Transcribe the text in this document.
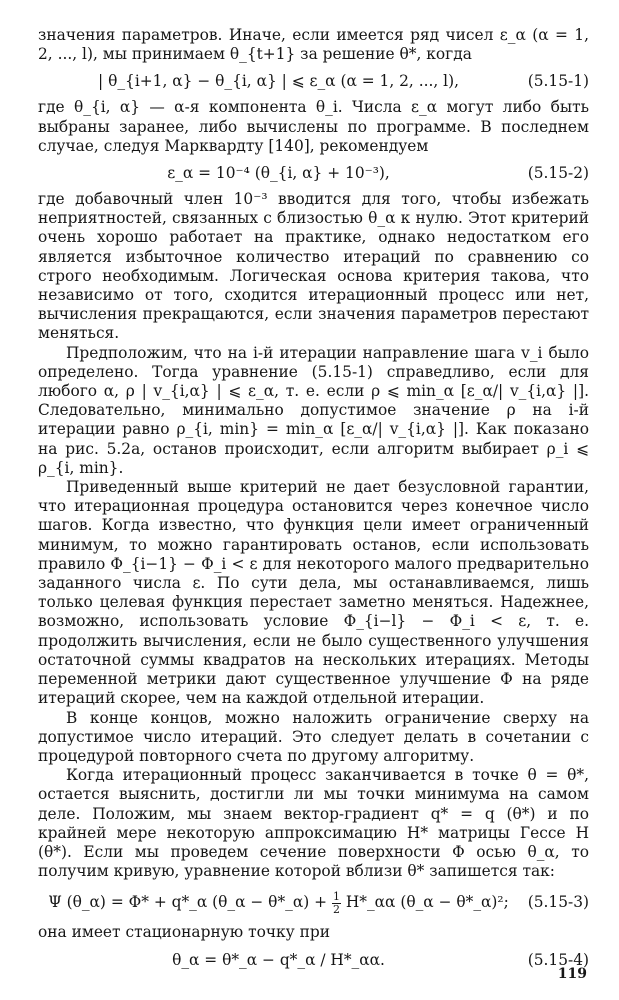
значения параметров. Иначе, если имеется ряд чисел ε_α (α = 1, 2, ..., l), мы принимаем θ_{t+1} за решение θ*, когда

| θ_{i+1, α} − θ_{i, α} | ⩽ ε_α (α = 1, 2, ..., l),	(5.15-1)

где θ_{i, α} — α-я компонента θ_i. Числа ε_α могут либо быть выбраны заранее, либо вычислены по программе. В последнем случае, следуя Марквардту [140], рекомендуем

ε_α = 10⁻⁴ (θ_{i, α} + 10⁻³),	(5.15-2)

где добавочный член 10⁻³ вводится для того, чтобы избежать неприятностей, связанных с близостью θ_α к нулю. Этот критерий очень хорошо работает на практике, однако недостатком его является избыточное количество итераций по сравнению со строго необходимым. Логическая основа критерия такова, что независимо от того, сходится итерационный процесс или нет, вычисления прекращаются, если значения параметров перестают меняться.

Предположим, что на i-й итерации направление шага v_i было определено. Тогда уравнение (5.15-1) справедливо, если для любого α, ρ | v_{i,α} | ⩽ ε_α, т. е. если ρ ⩽ min_α [ε_α/| v_{i,α} |]. Следовательно, минимально допустимое значение ρ на i-й итерации равно ρ_{i, min} = min_α [ε_α/| v_{i,α} |]. Как показано на рис. 5.2а, останов происходит, если алгоритм выбирает ρ_i ⩽ ρ_{i, min}.

Приведенный выше критерий не дает безусловной гарантии, что итерационная процедура остановится через конечное число шагов. Когда известно, что функция цели имеет ограниченный минимум, то можно гарантировать останов, если использовать правило Φ_{i−1} − Φ_i < ε для некоторого малого предварительно заданного числа ε. По сути дела, мы останавливаемся, лишь только целевая функция перестает заметно меняться. Надежнее, возможно, использовать условие Φ_{i−l} − Φ_i < ε, т. е. продолжить вычисления, если не было существенного улучшения остаточной суммы квадратов на нескольких итерациях. Методы переменной метрики дают существенное улучшение Φ на ряде итераций скорее, чем на каждой отдельной итерации.

В конце концов, можно наложить ограничение сверху на допустимое число итераций. Это следует делать в сочетании с процедурой повторного счета по другому алгоритму.

Когда итерационный процесс заканчивается в точке θ = θ*, остается выяснить, достигли ли мы точки минимума на самом деле. Положим, мы знаем вектор-градиент q* = q (θ*) и по крайней мере некоторую аппроксимацию H* матрицы Гессе H (θ*). Если мы проведем сечение поверхности Φ осью θ_α, то получим кривую, уравнение которой вблизи θ* запишется так:

Ψ (θ_α) = Φ* + q*_α (θ_α − θ*_α) + $\frac{1}{2}$ H*_αα (θ_α − θ*_α)²;	(5.15-3)

она имеет стационарную точку при

θ_α = θ*_α − q*_α / H*_αα.	(5.15-4)
119
